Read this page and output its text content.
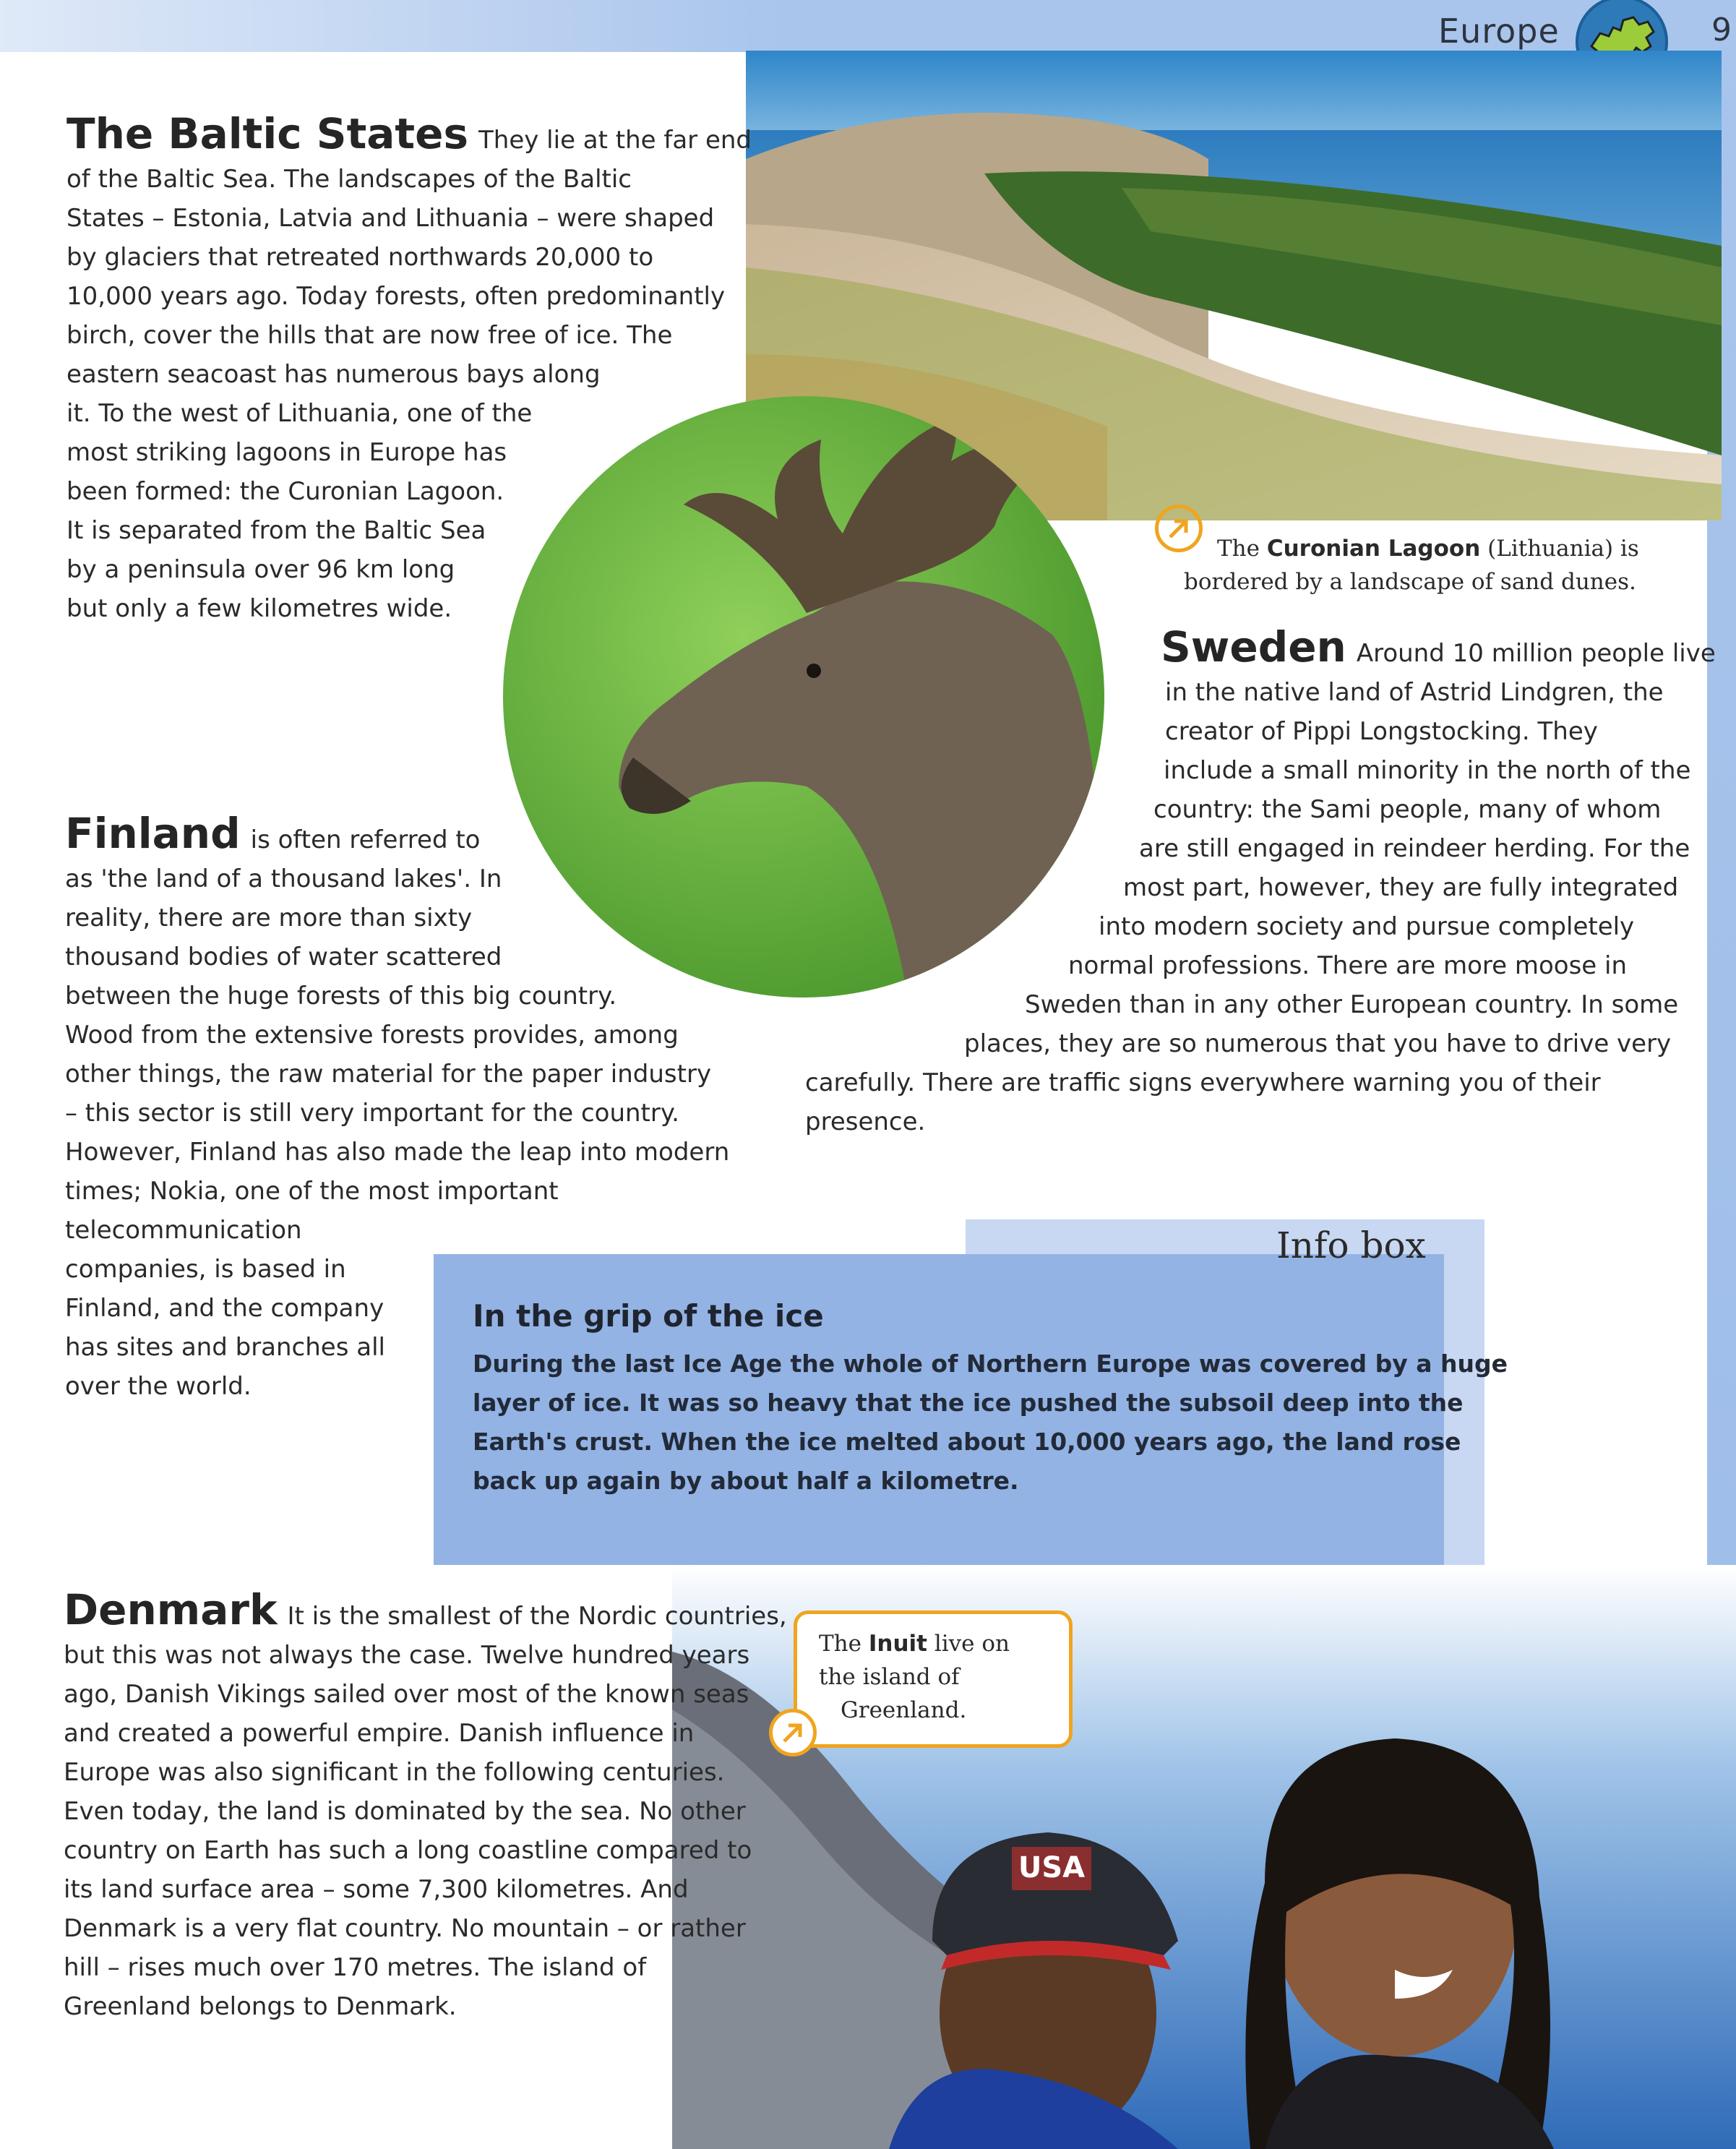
Europe	9
The Baltic States They lie at the far end
of the Baltic Sea. The landscapes of the Baltic
States – Estonia, Latvia and Lithuania – were shaped
by glaciers that retreated northwards 20,000 to
10,000 years ago. Today forests, often predominantly
birch, cover the hills that are now free of ice. The
eastern seacoast has numerous bays along
it. To the west of Lithuania, one of the
most striking lagoons in Europe has
been formed: the Curonian Lagoon.
It is separated from the Baltic Sea
by a peninsula over 96 km long
but only a few kilometres wide.
The Curonian Lagoon (Lithuania) is
bordered by a landscape of sand dunes.
Sweden Around 10 million people live
in the native land of Astrid Lindgren, the
creator of Pippi Longstocking. They
include a small minority in the north of the
country: the Sami people, many of whom
are still engaged in reindeer herding. For the
most part, however, they are fully integrated
into modern society and pursue completely
normal professions. There are more moose in
Sweden than in any other European country. In some
places, they are so numerous that you have to drive very
carefully. There are traffic signs everywhere warning you of their
presence.
Finland is often referred to
as 'the land of a thousand lakes'. In
reality, there are more than sixty
thousand bodies of water scattered
between the huge forests of this big country.
Wood from the extensive forests provides, among
other things, the raw material for the paper industry
– this sector is still very important for the country.
However, Finland has also made the leap into modern
times; Nokia, one of the most important
telecommunication
companies, is based in
Finland, and the company
has sites and branches all
over the world.
Info box
In the grip of the ice
During the last Ice Age the whole of Northern Europe was covered by a huge
layer of ice. It was so heavy that the ice pushed the subsoil deep into the
Earth's crust. When the ice melted about 10,000 years ago, the land rose
back up again by about half a kilometre.
USA
The Inuit live on
the island of
Greenland.
Denmark It is the smallest of the Nordic countries,
but this was not always the case. Twelve hundred years
ago, Danish Vikings sailed over most of the known seas
and created a powerful empire. Danish influence in
Europe was also significant in the following centuries.
Even today, the land is dominated by the sea. No other
country on Earth has such a long coastline compared to
its land surface area – some 7,300 kilometres. And
Denmark is a very flat country. No mountain – or rather
hill – rises much over 170 metres. The island of
Greenland belongs to Denmark.
